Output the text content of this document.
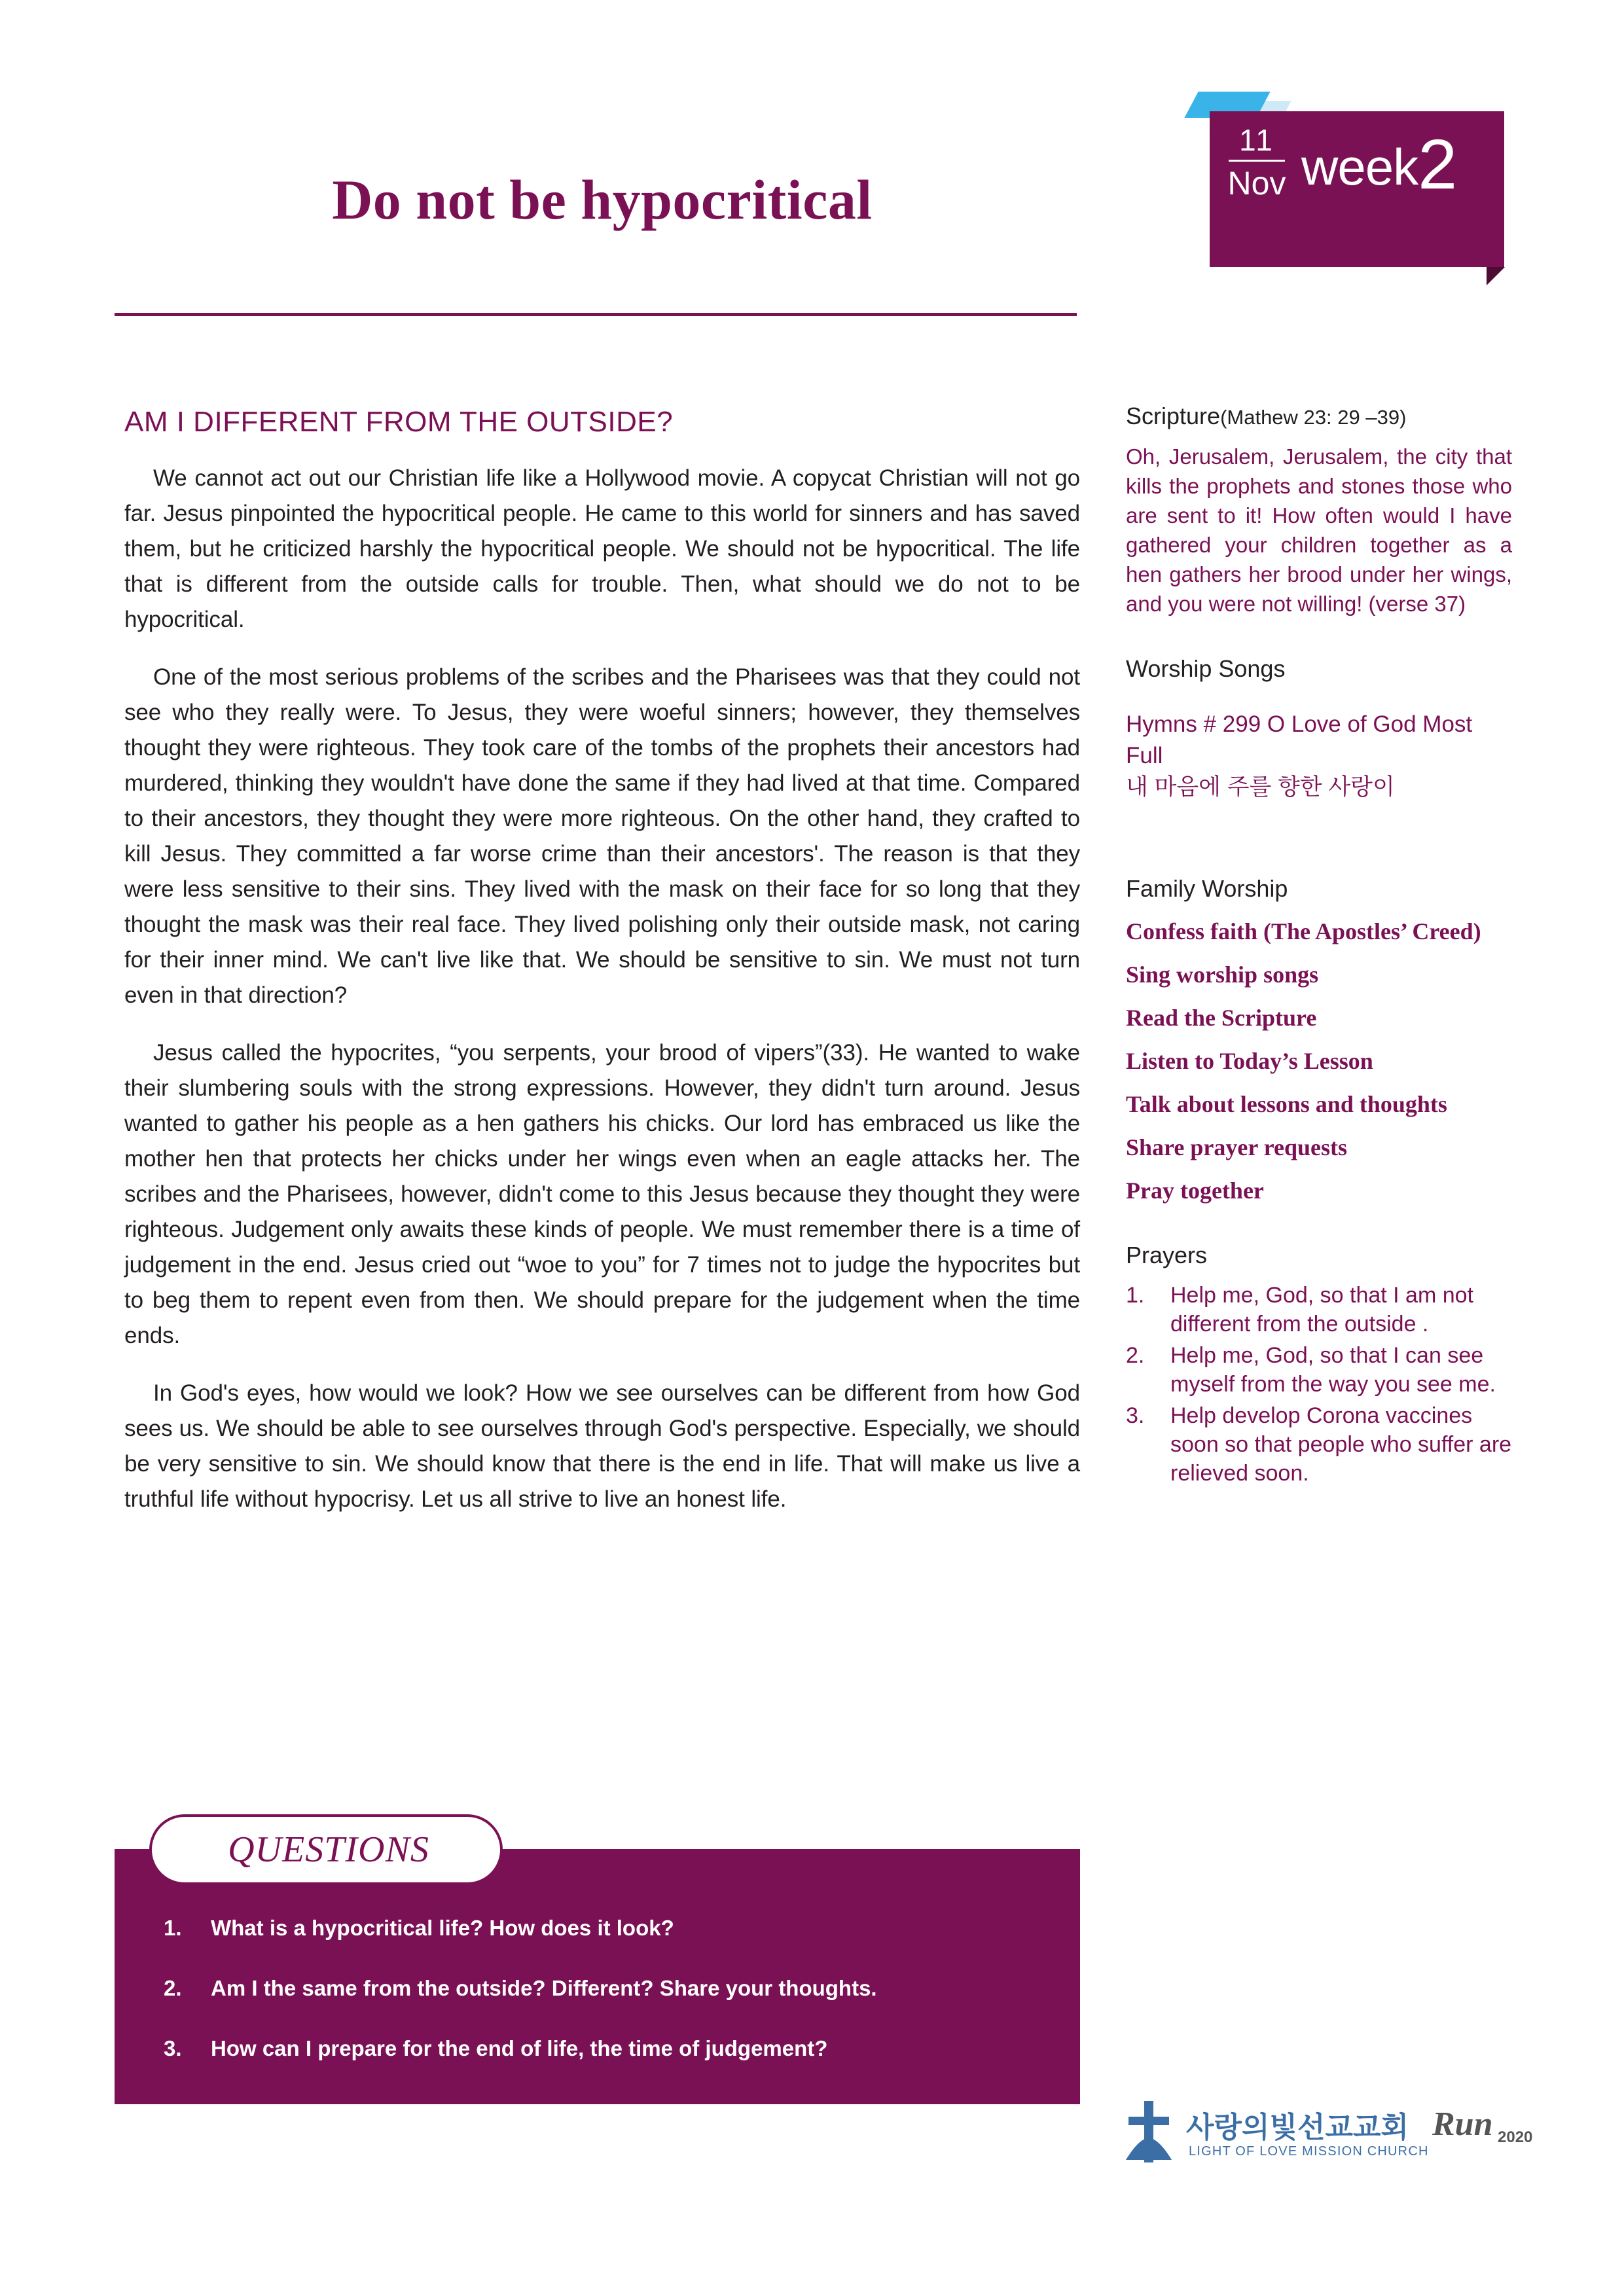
Do not be hypocritical
11
Nov week2
AM I DIFFERENT FROM THE OUTSIDE?

We cannot act out our Christian life like a Hollywood movie. A copycat Christian will not go far. Jesus pinpointed the hypocritical people. He came to this world for sinners and has saved them, but he criticized harshly the hypocritical people. We should not be hypocritical. The life that is different from the outside calls for trouble. Then, what should we do not to be hypocritical.

One of the most serious problems of the scribes and the Pharisees was that they could not see who they really were. To Jesus, they were woeful sinners; however, they themselves thought they were righteous. They took care of the tombs of the prophets their ancestors had murdered, thinking they wouldn't have done the same if they had lived at that time. Compared to their ancestors, they thought they were more righteous. On the other hand, they crafted to kill Jesus. They committed a far worse crime than their ancestors'. The reason is that they were less sensitive to their sins. They lived with the mask on their face for so long that they thought the mask was their real face. They lived polishing only their outside mask, not caring for their inner mind. We can't live like that. We should be sensitive to sin. We must not turn even in that direction?

Jesus called the hypocrites, “you serpents, your brood of vipers”(33). He wanted to wake their slumbering souls with the strong expressions. However, they didn't turn around. Jesus wanted to gather his people as a hen gathers his chicks. Our lord has embraced us like the mother hen that protects her chicks under her wings even when an eagle attacks her. The scribes and the Pharisees, however, didn't come to this Jesus because they thought they were righteous. Judgement only awaits these kinds of people. We must remember there is a time of judgement in the end. Jesus cried out “woe to you” for 7 times not to judge the hypocrites but to beg them to repent even from then. We should prepare for the judgement when the time ends.

In God's eyes, how would we look? How we see ourselves can be different from how God sees us. We should be able to see ourselves through God's perspective. Especially, we should be very sensitive to sin. We should know that there is the end in life. That will make us live a truthful life without hypocrisy. Let us all strive to live an honest life.

QUESTIONS
1.	What is a hypocritical life? How does it look?
2.	Am I the same from the outside? Different? Share your thoughts.
3.	How can I prepare for the end of life, the time of judgement?
Scripture(Mathew 23: 29 –39)
Oh, Jerusalem, Jerusalem, the city that kills the prophets and stones those who are sent to it! How often would I have gathered your children together as a hen gathers her brood under her wings, and you were not willing! (verse 37)
Worship Songs
Hymns # 299 O Love of God Most Full
내 마음에 주를 향한 사랑이
Family Worship
Confess faith (The Apostles’ Creed)
Sing worship songs
Read the Scripture
Listen to Today’s Lesson
Talk about lessons and thoughts
Share prayer requests
Pray together
Prayers
1.	Help me, God, so that I am not different from the outside .
2.	Help me, God, so that I can see myself from the way you see me.
3.	Help develop Corona vaccines soon so that people who suffer are relieved soon.
사랑의빛선교교회
LIGHT OF LOVE MISSION CHURCH
Run 2020
